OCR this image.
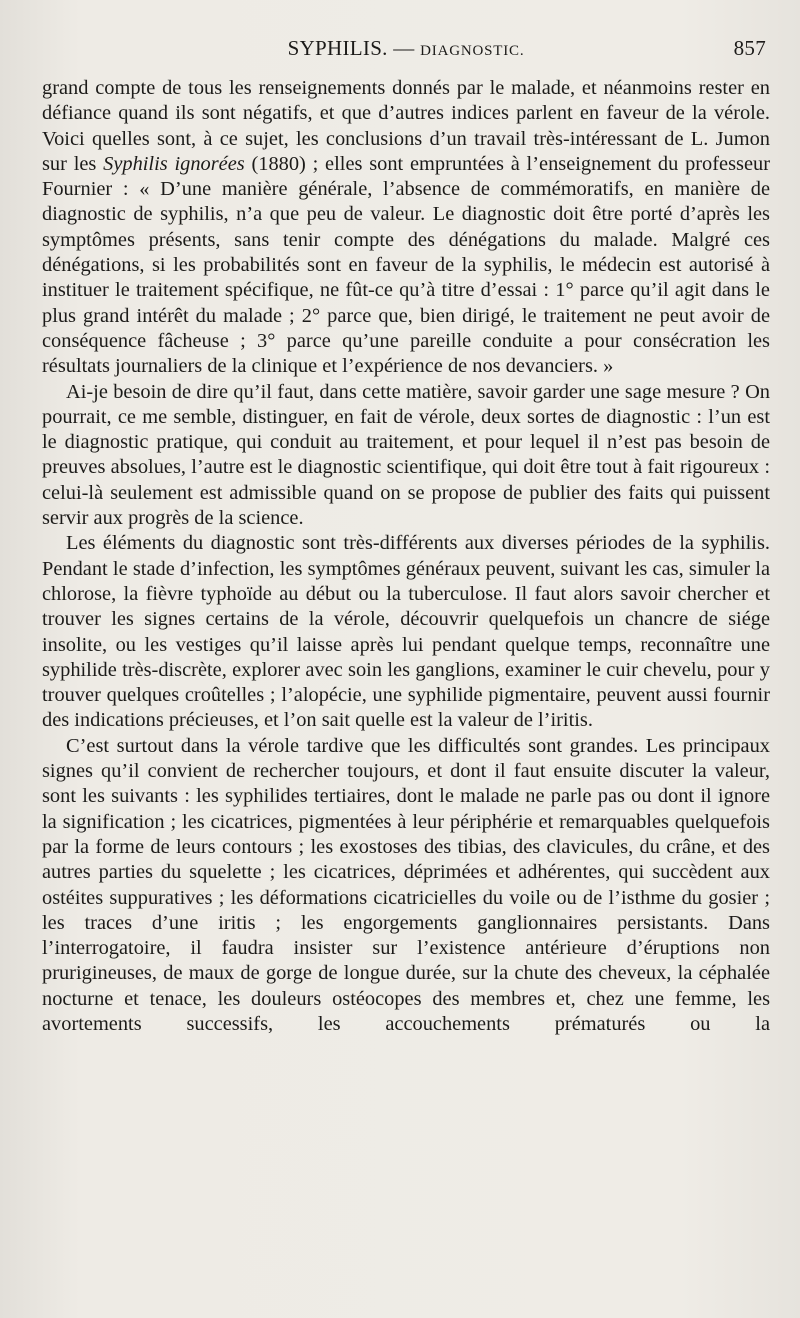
SYPHILIS. — DIAGNOSTIC.	857

grand compte de tous les renseignements donnés par le malade, et néanmoins rester en défiance quand ils sont négatifs, et que d’autres indices parlent en faveur de la vérole. Voici quelles sont, à ce sujet, les conclusions d’un travail très-intéressant de L. Jumon sur les Syphilis ignorées (1880) ; elles sont empruntées à l’enseignement du professeur Fournier : « D’une manière générale, l’absence de commémoratifs, en manière de diagnostic de syphilis, n’a que peu de valeur. Le diagnostic doit être porté d’après les symptômes présents, sans tenir compte des dénégations du malade. Malgré ces dénégations, si les probabilités sont en faveur de la syphilis, le médecin est autorisé à instituer le traitement spécifique, ne fût-ce qu’à titre d’essai : 1° parce qu’il agit dans le plus grand intérêt du malade ; 2° parce que, bien dirigé, le traitement ne peut avoir de conséquence fâcheuse ; 3° parce qu’une pareille conduite a pour consécration les résultats journaliers de la clinique et l’expérience de nos devanciers. »

Ai-je besoin de dire qu’il faut, dans cette matière, savoir garder une sage mesure ? On pourrait, ce me semble, distinguer, en fait de vérole, deux sortes de diagnostic : l’un est le diagnostic pratique, qui conduit au traitement, et pour lequel il n’est pas besoin de preuves absolues, l’autre est le diagnostic scientifique, qui doit être tout à fait rigoureux : celui-là seulement est admissible quand on se propose de publier des faits qui puissent servir aux progrès de la science.

Les éléments du diagnostic sont très-différents aux diverses périodes de la syphilis. Pendant le stade d’infection, les symptômes généraux peuvent, suivant les cas, simuler la chlorose, la fièvre typhoïde au début ou la tuberculose. Il faut alors savoir chercher et trouver les signes certains de la vérole, découvrir quelquefois un chancre de siége insolite, ou les vestiges qu’il laisse après lui pendant quelque temps, reconnaître une syphilide très-discrète, explorer avec soin les ganglions, examiner le cuir chevelu, pour y trouver quelques croûtelles ; l’alopécie, une syphilide pigmentaire, peuvent aussi fournir des indications précieuses, et l’on sait quelle est la valeur de l’iritis.

C’est surtout dans la vérole tardive que les difficultés sont grandes. Les principaux signes qu’il convient de rechercher toujours, et dont il faut ensuite discuter la valeur, sont les suivants : les syphilides tertiaires, dont le malade ne parle pas ou dont il ignore la signification ; les cicatrices, pigmentées à leur périphérie et remarquables quelquefois par la forme de leurs contours ; les exostoses des tibias, des clavicules, du crâne, et des autres parties du squelette ; les cicatrices, déprimées et adhérentes, qui succèdent aux ostéites suppuratives ; les déformations cicatricielles du voile ou de l’isthme du gosier ; les traces d’une iritis ; les engorgements ganglionnaires persistants. Dans l’interrogatoire, il faudra insister sur l’existence antérieure d’éruptions non prurigineuses, de maux de gorge de longue durée, sur la chute des cheveux, la céphalée nocturne et tenace, les douleurs ostéocopes des membres et, chez une femme, les avortements successifs, les accouchements prématurés ou la
